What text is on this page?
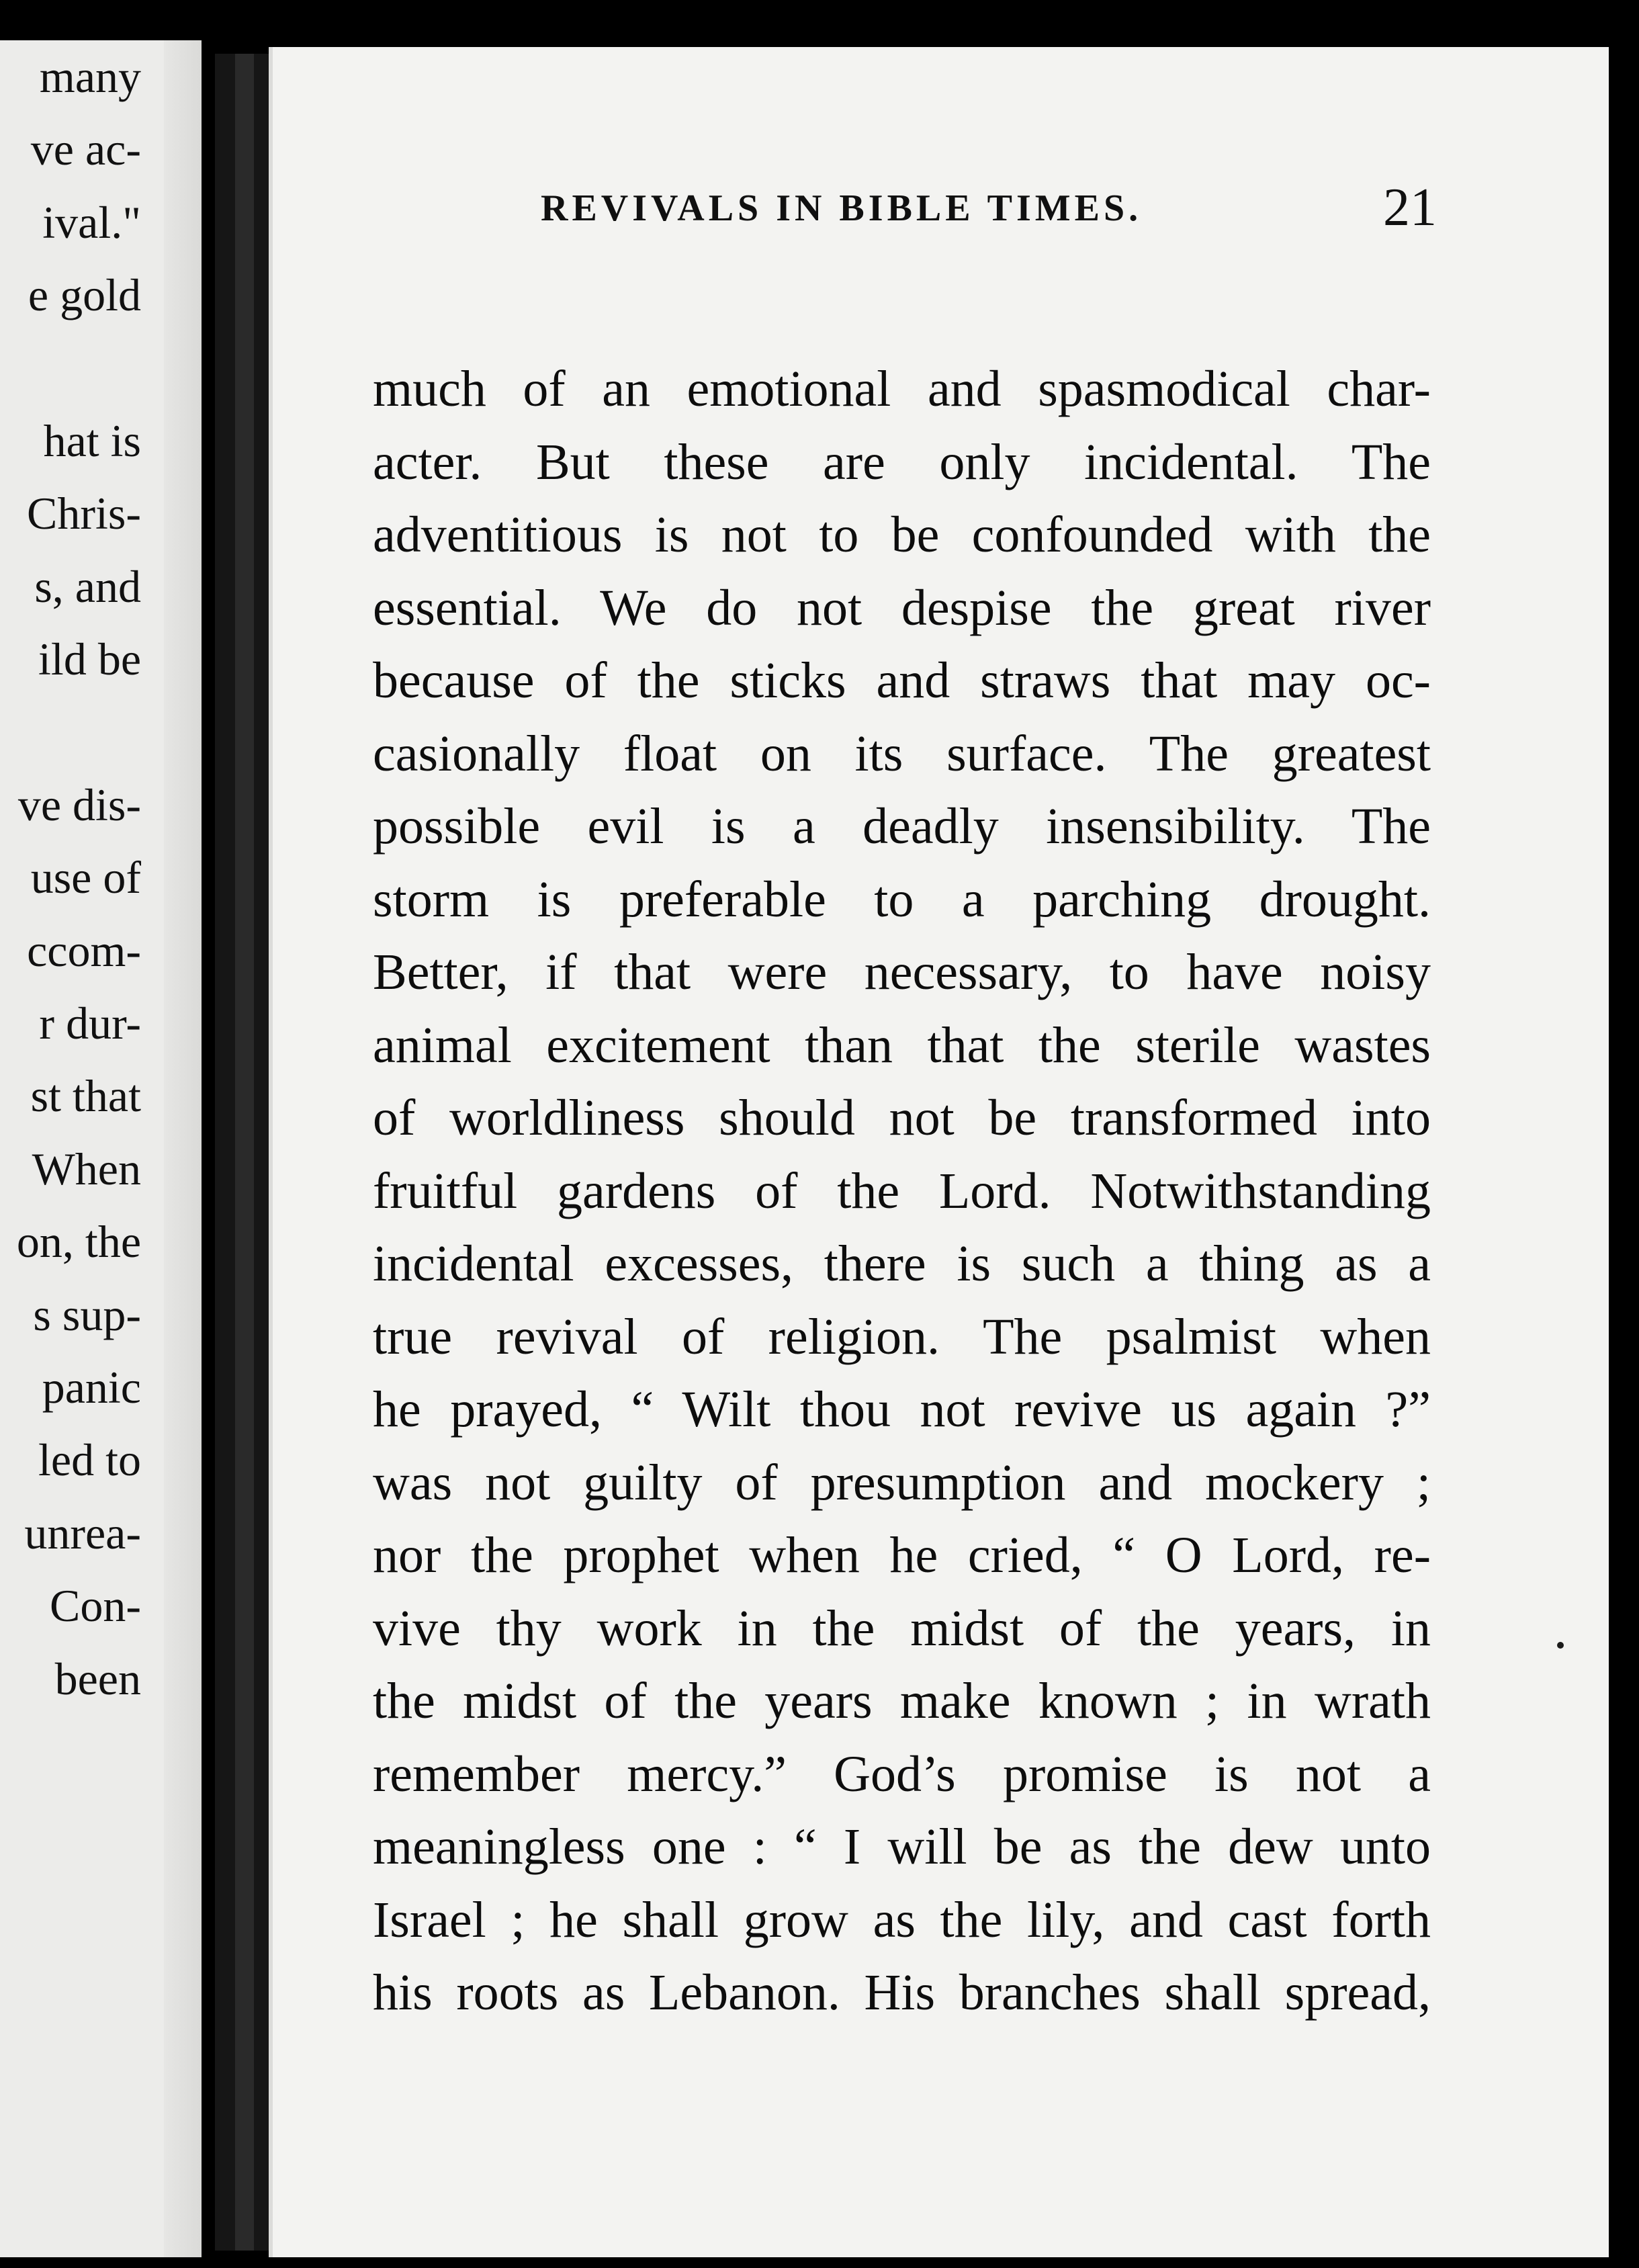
many
ve ac-
ival."
e gold
hat is
Chris-
s, and
ild be
ve dis-
use of
ccom-
r dur-
st that
When
on, the
s sup-
panic
led to
unrea-
Con-
been
REVIVALS IN BIBLE TIMES.	21
much of an emotional and spasmodical char-
acter. But these are only incidental. The
adventitious is not to be confounded with the
essential. We do not despise the great river
because of the sticks and straws that may oc-
casionally float on its surface. The greatest
possible evil is a deadly insensibility. The
storm is preferable to a parching drought.
Better, if that were necessary, to have noisy
animal excitement than that the sterile wastes
of worldliness should not be transformed into
fruitful gardens of the Lord. Notwithstanding
incidental excesses, there is such a thing as a
true revival of religion. The psalmist when
he prayed, “ Wilt thou not revive us again ?”
was not guilty of presumption and mockery ;
nor the prophet when he cried, “ O Lord, re-
vive thy work in the midst of the years, in
the midst of the years make known ; in wrath
remember mercy.” God’s promise is not a
meaningless one : “ I will be as the dew unto
Israel ; he shall grow as the lily, and cast forth
his roots as Lebanon. His branches shall spread,
